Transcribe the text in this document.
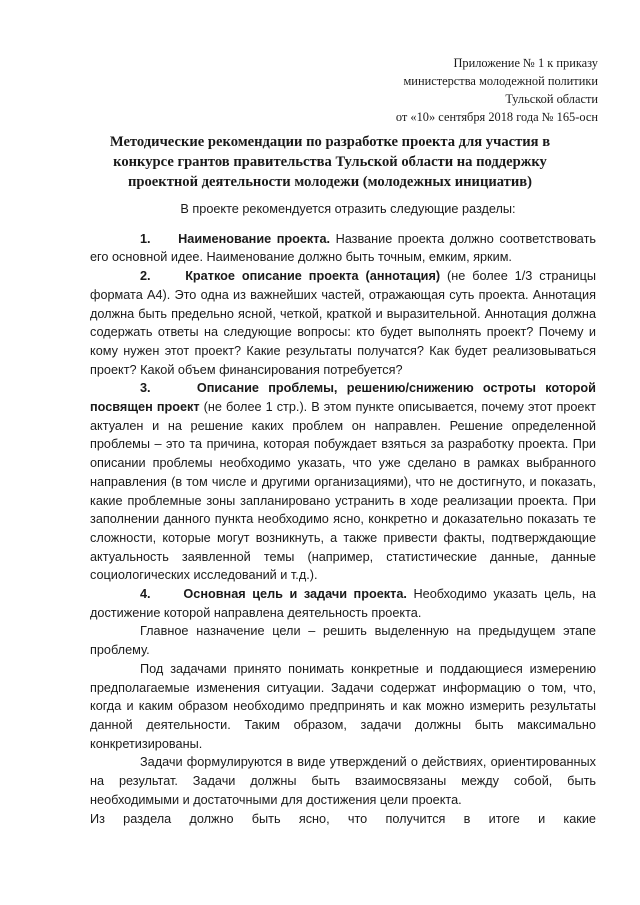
Приложение № 1 к приказу
министерства молодежной политики
Тульской области
от «10» сентября 2018 года № 165-осн
Методические рекомендации по разработке проекта для участия в
конкурсе грантов правительства Тульской области на поддержку
проектной деятельности молодежи (молодежных инициатив)

В проекте рекомендуется отразить следующие разделы:

1. Наименование проекта. Название проекта должно соответствовать его основной идее. Наименование должно быть точным, емким, ярким.

2.	Краткое описание проекта (аннотация) (не более 1/3 страницы формата А4). Это одна из важнейших частей, отражающая суть проекта. Аннотация должна быть предельно ясной, четкой, краткой и выразительной. Аннотация должна содержать ответы на следующие вопросы: кто будет выполнять проект? Почему и кому нужен этот проект? Какие результаты получатся? Как будет реализовываться проект? Какой объем финансирования потребуется?

3.	Описание проблемы, решению/снижению остроты которой посвящен проект (не более 1 стр.). В этом пункте описывается, почему этот проект актуален и на решение каких проблем он направлен. Решение определенной проблемы – это та причина, которая побуждает взяться за разработку проекта. При описании проблемы необходимо указать, что уже сделано в рамках выбранного направления (в том числе и другими организациями), что не достигнуто, и показать, какие проблемные зоны запланировано устранить в ходе реализации проекта. При заполнении данного пункта необходимо ясно, конкретно и доказательно показать те сложности, которые могут возникнуть, а также привести факты, подтверждающие актуальность заявленной темы (например, статистические данные, данные социологических исследований и т.д.).

4.	Основная цель и задачи проекта. Необходимо указать цель, на достижение которой направлена деятельность проекта.

Главное назначение цели – решить выделенную на предыдущем этапе проблему.

Под задачами принято понимать конкретные и поддающиеся измерению предполагаемые изменения ситуации. Задачи содержат информацию о том, что, когда и каким образом необходимо предпринять и как можно измерить результаты данной деятельности. Таким образом, задачи должны быть максимально конкретизированы.

Задачи формулируются в виде утверждений о действиях, ориентированных на результат. Задачи должны быть взаимосвязаны между собой, быть необходимыми и достаточными для достижения цели проекта.

Из раздела должно быть ясно, что получится в итоге и какие
